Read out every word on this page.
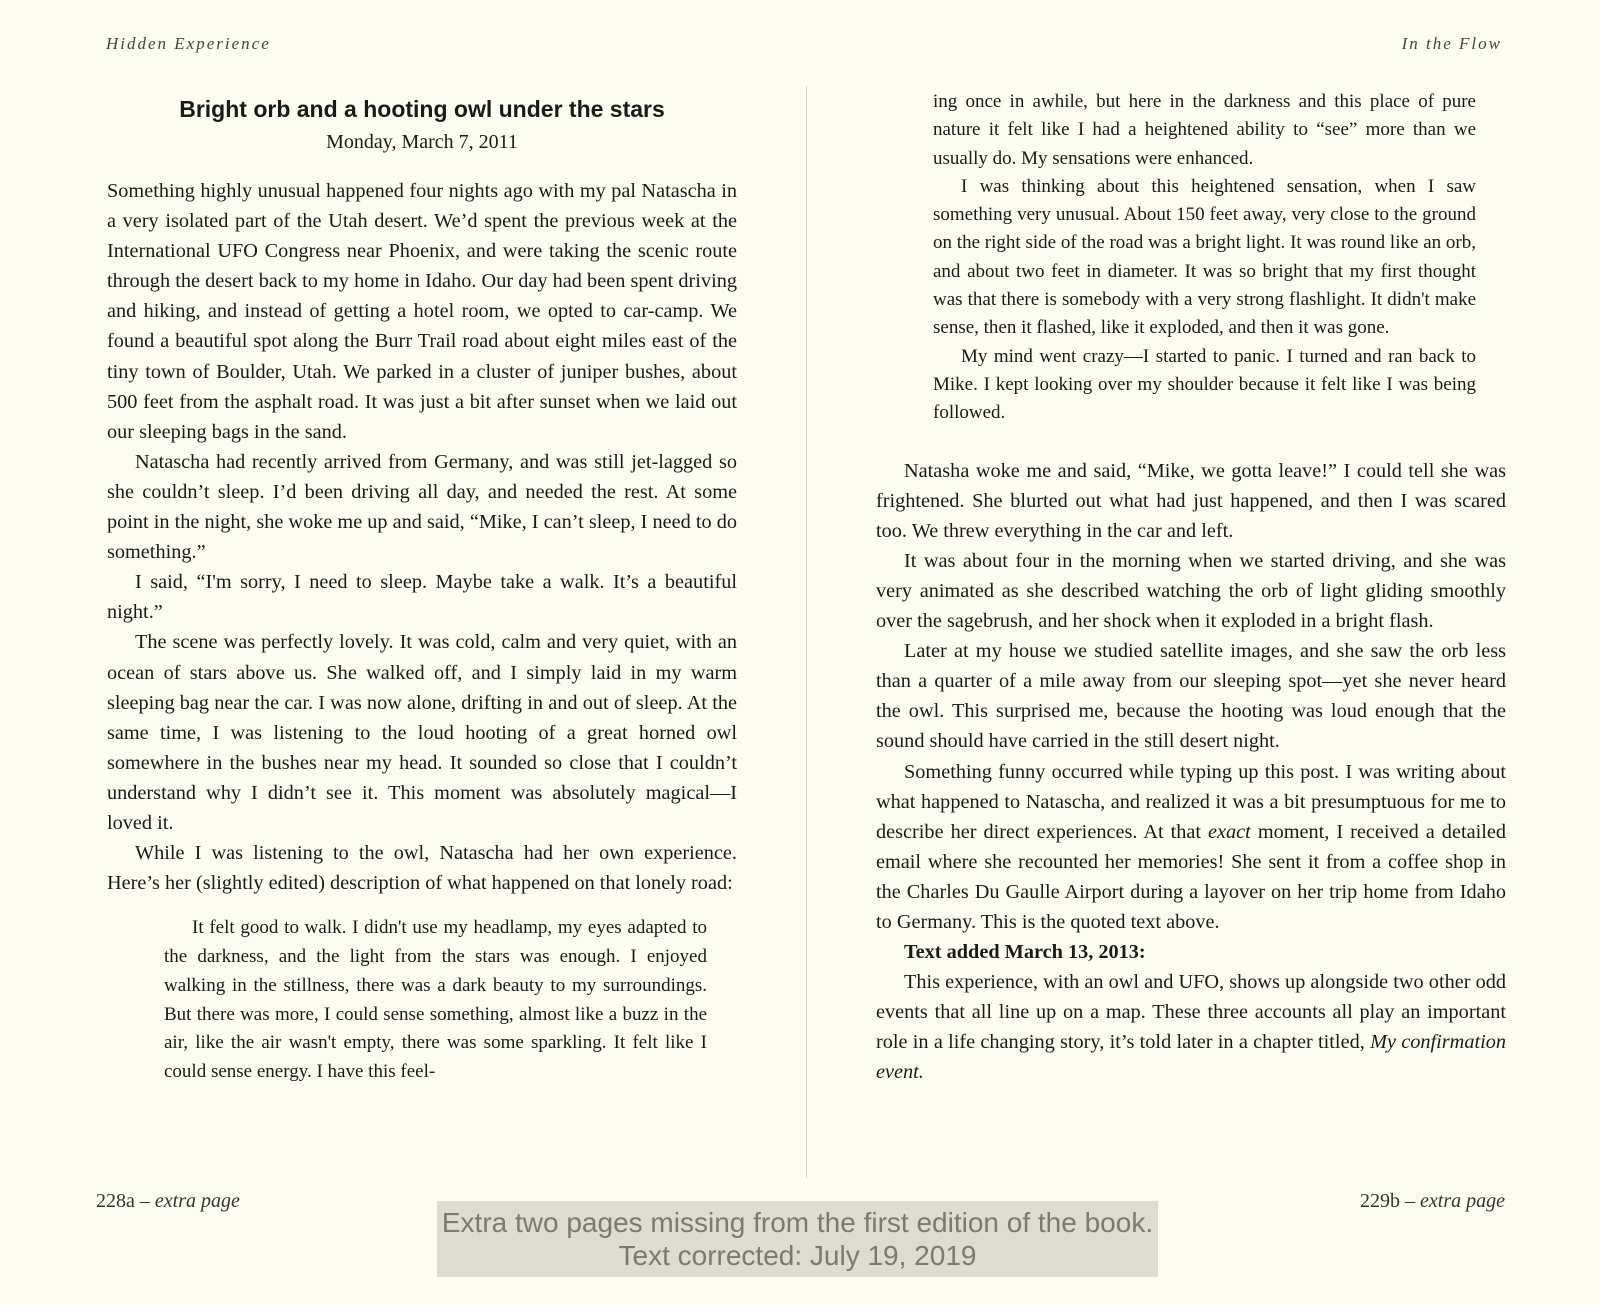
Hidden Experience	In the Flow
Bright orb and a hooting owl under the stars
Monday, March 7, 2011

Something highly unusual happened four nights ago with my pal Natascha in a very isolated part of the Utah desert. We’d spent the previous week at the International UFO Congress near Phoenix, and were taking the scenic route through the desert back to my home in Idaho. Our day had been spent driving and hiking, and instead of getting a hotel room, we opted to car-camp. We found a beautiful spot along the Burr Trail road about eight miles east of the tiny town of Boulder, Utah. We parked in a cluster of juniper bushes, about 500 feet from the asphalt road. It was just a bit after sunset when we laid out our sleeping bags in the sand.

Natascha had recently arrived from Germany, and was still jet-lagged so she couldn’t sleep. I’d been driving all day, and needed the rest. At some point in the night, she woke me up and said, “Mike, I can’t sleep, I need to do something.”

I said, “I'm sorry, I need to sleep. Maybe take a walk. It’s a beautiful night.”

The scene was perfectly lovely. It was cold, calm and very quiet, with an ocean of stars above us. She walked off, and I simply laid in my warm sleeping bag near the car. I was now alone, drifting in and out of sleep. At the same time, I was listening to the loud hooting of a great horned owl somewhere in the bushes near my head. It sounded so close that I couldn’t understand why I didn’t see it. This moment was absolutely magical—I loved it.

While I was listening to the owl, Natascha had her own experience. Here’s her (slightly edited) description of what happened on that lonely road:

It felt good to walk. I didn't use my headlamp, my eyes adapted to the darkness, and the light from the stars was enough. I enjoyed walking in the stillness, there was a dark beauty to my surroundings. But there was more, I could sense something, almost like a buzz in the air, like the air wasn't empty, there was some sparkling. It felt like I could sense energy. I have this feel-

ing once in awhile, but here in the darkness and this place of pure nature it felt like I had a heightened ability to “see” more than we usually do. My sensations were enhanced.

I was thinking about this heightened sensation, when I saw something very unusual. About 150 feet away, very close to the ground on the right side of the road was a bright light. It was round like an orb, and about two feet in diameter. It was so bright that my first thought was that there is somebody with a very strong flashlight. It didn't make sense, then it flashed, like it exploded, and then it was gone.

My mind went crazy—I started to panic. I turned and ran back to Mike. I kept looking over my shoulder because it felt like I was being followed.

Natasha woke me and said, “Mike, we gotta leave!” I could tell she was frightened. She blurted out what had just happened, and then I was scared too. We threw everything in the car and left.

It was about four in the morning when we started driving, and she was very animated as she described watching the orb of light gliding smoothly over the sagebrush, and her shock when it exploded in a bright flash.

Later at my house we studied satellite images, and she saw the orb less than a quarter of a mile away from our sleeping spot—yet she never heard the owl. This surprised me, because the hooting was loud enough that the sound should have carried in the still desert night.

Something funny occurred while typing up this post. I was writing about what happened to Natascha, and realized it was a bit presumptuous for me to describe her direct experiences. At that exact moment, I received a detailed email where she recounted her memories! She sent it from a coffee shop in the Charles Du Gaulle Airport during a layover on her trip home from Idaho to Germany. This is the quoted text above.

Text added March 13, 2013:

This experience, with an owl and UFO, shows up alongside two other odd events that all line up on a map. These three accounts all play an important role in a life changing story, it’s told later in a chapter titled, My confirmation event.

228a – extra page	229b – extra page
Extra two pages missing from the first edition of the book.
Text corrected: July 19, 2019
